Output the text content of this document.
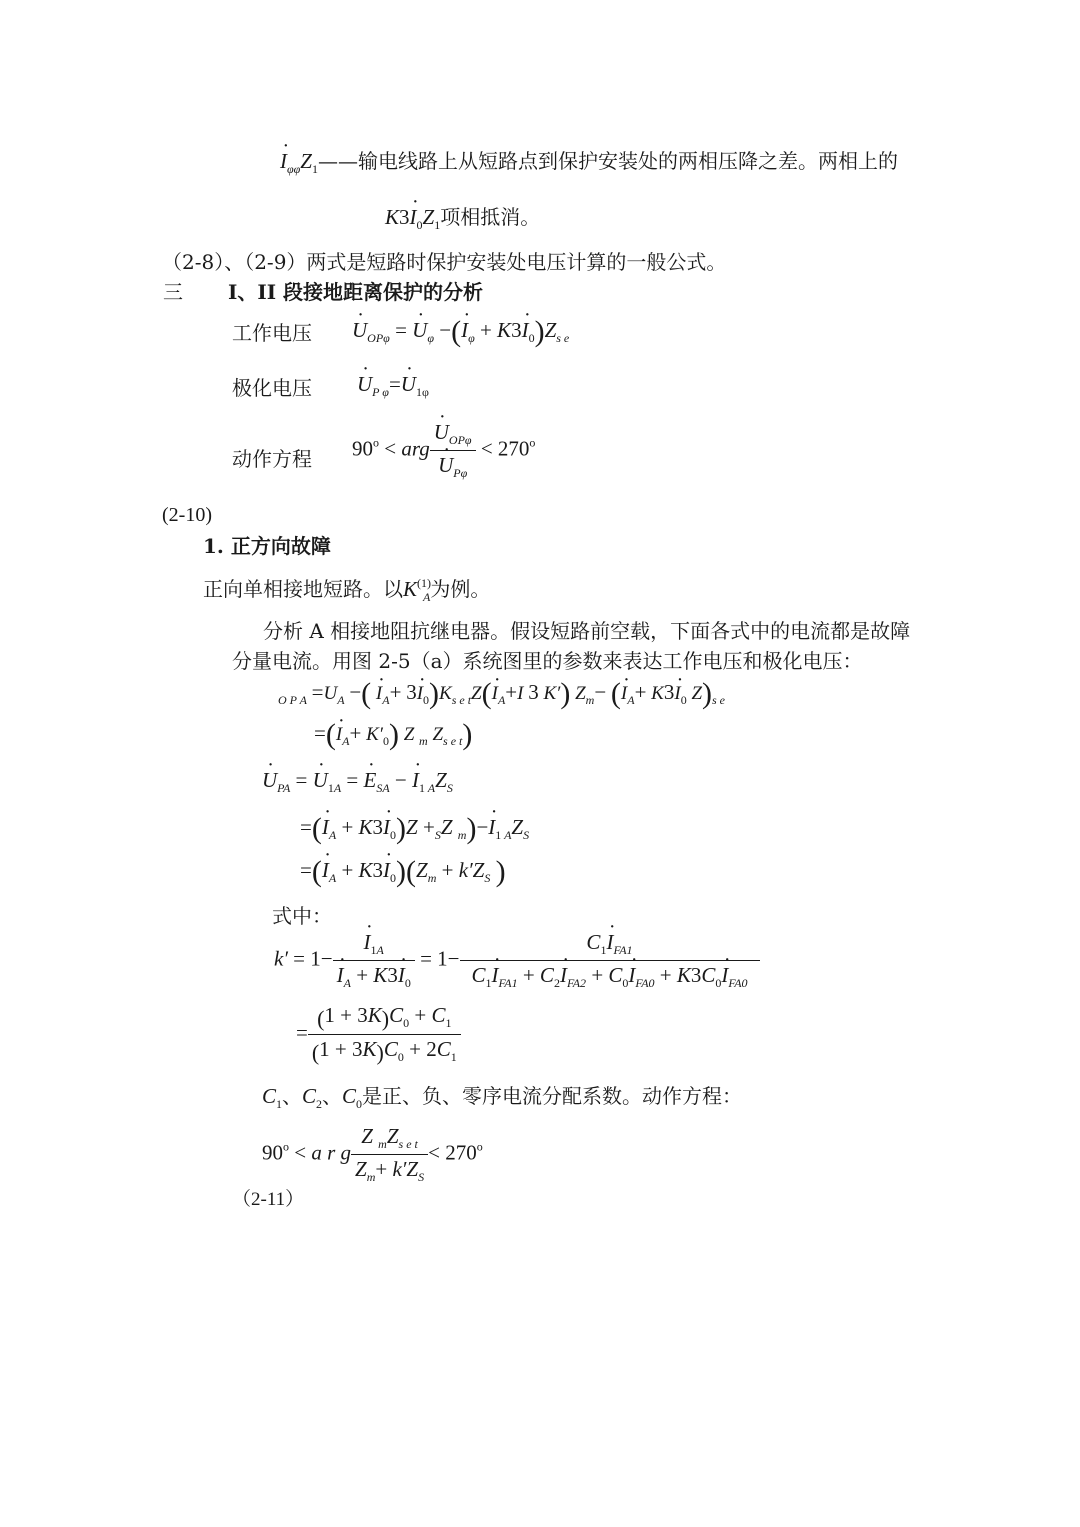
· $I_{\varphi\varphi}Z_1——$输电线路上从短路点到保护安装处的两相压降之差。两相上的
$K3\cdot I_0Z_1$项相抵消。
（2-8）、（2-9）两式是短路时保护安装处电压计算的一般公式。
三 I、II 段接地距离保护的分析
工作电压
· $U_{OP\varphi}$ = · $U_\varphi$ −(· $I_\varphi + K3\cdot I_0)Z_{s e}$
极化电压
· $U_{P \varphi}=\cdot U_{1\varphi}$
动作方程 $90^o$ < arg
· $U_{OP\varphi}$
· $U_{P\varphi} < 270^o$
(2-10)
1. 正方向故障
正向单相接地短路。以$K^{(1)}_A$为例。
分析 A 相接地阻抗继电器。假设短路前空载，下面各式中的电流都是故障
分量电流。用图 2-5（a）系统图里的参数来表达工作电压和极化电压：
$_{O P A} =U_A$ −( · $I_A+ 3\cdot I_0)K_{s e t}Z(\cdot I_A+I$ 3 K′) $Z_m-$ (· $I_A+ K3\cdot I_0$ $Z)_{s e}$
=(· $I_A+ K'_0$) Z $_m$ $Z_{s e t}$)
· $U_{PA}$ = · $U_{1A}$ = · $E_{SA}$ − · $I_1$ $_AZ_S$
=(· $I_A + K3\cdot I_0)Z +_SZ$ $_m)-\cdot I_1$ $_AZ_S$
=(· $I_A + K3\cdot I_0)(Z_m + k'Z_S$ )
式中：
k′ = 1−
· $I_{1A}$
· $I_A + K3\cdot I_0 = 1- \frac{C_1\cdot I_{FA1}}{C_1\cdot I_{FA1} + C_2\cdot I_{FA2} + C_0\cdot I_{FA0} + K3C_0\cdot I_{FA0}}$
= $\frac{(1 + 3K)C_0 + C_1}{(1 + 3K)C_0 + 2C_1}$
$C_1$、$C_2$、$C_0$是正、负、零序电流分配系数。动作方程：
$90^o < a$ r g $\frac{Z _mZ_{s e t}}{Z_m+ k'Z_S} < 270^o$
（2-11）
